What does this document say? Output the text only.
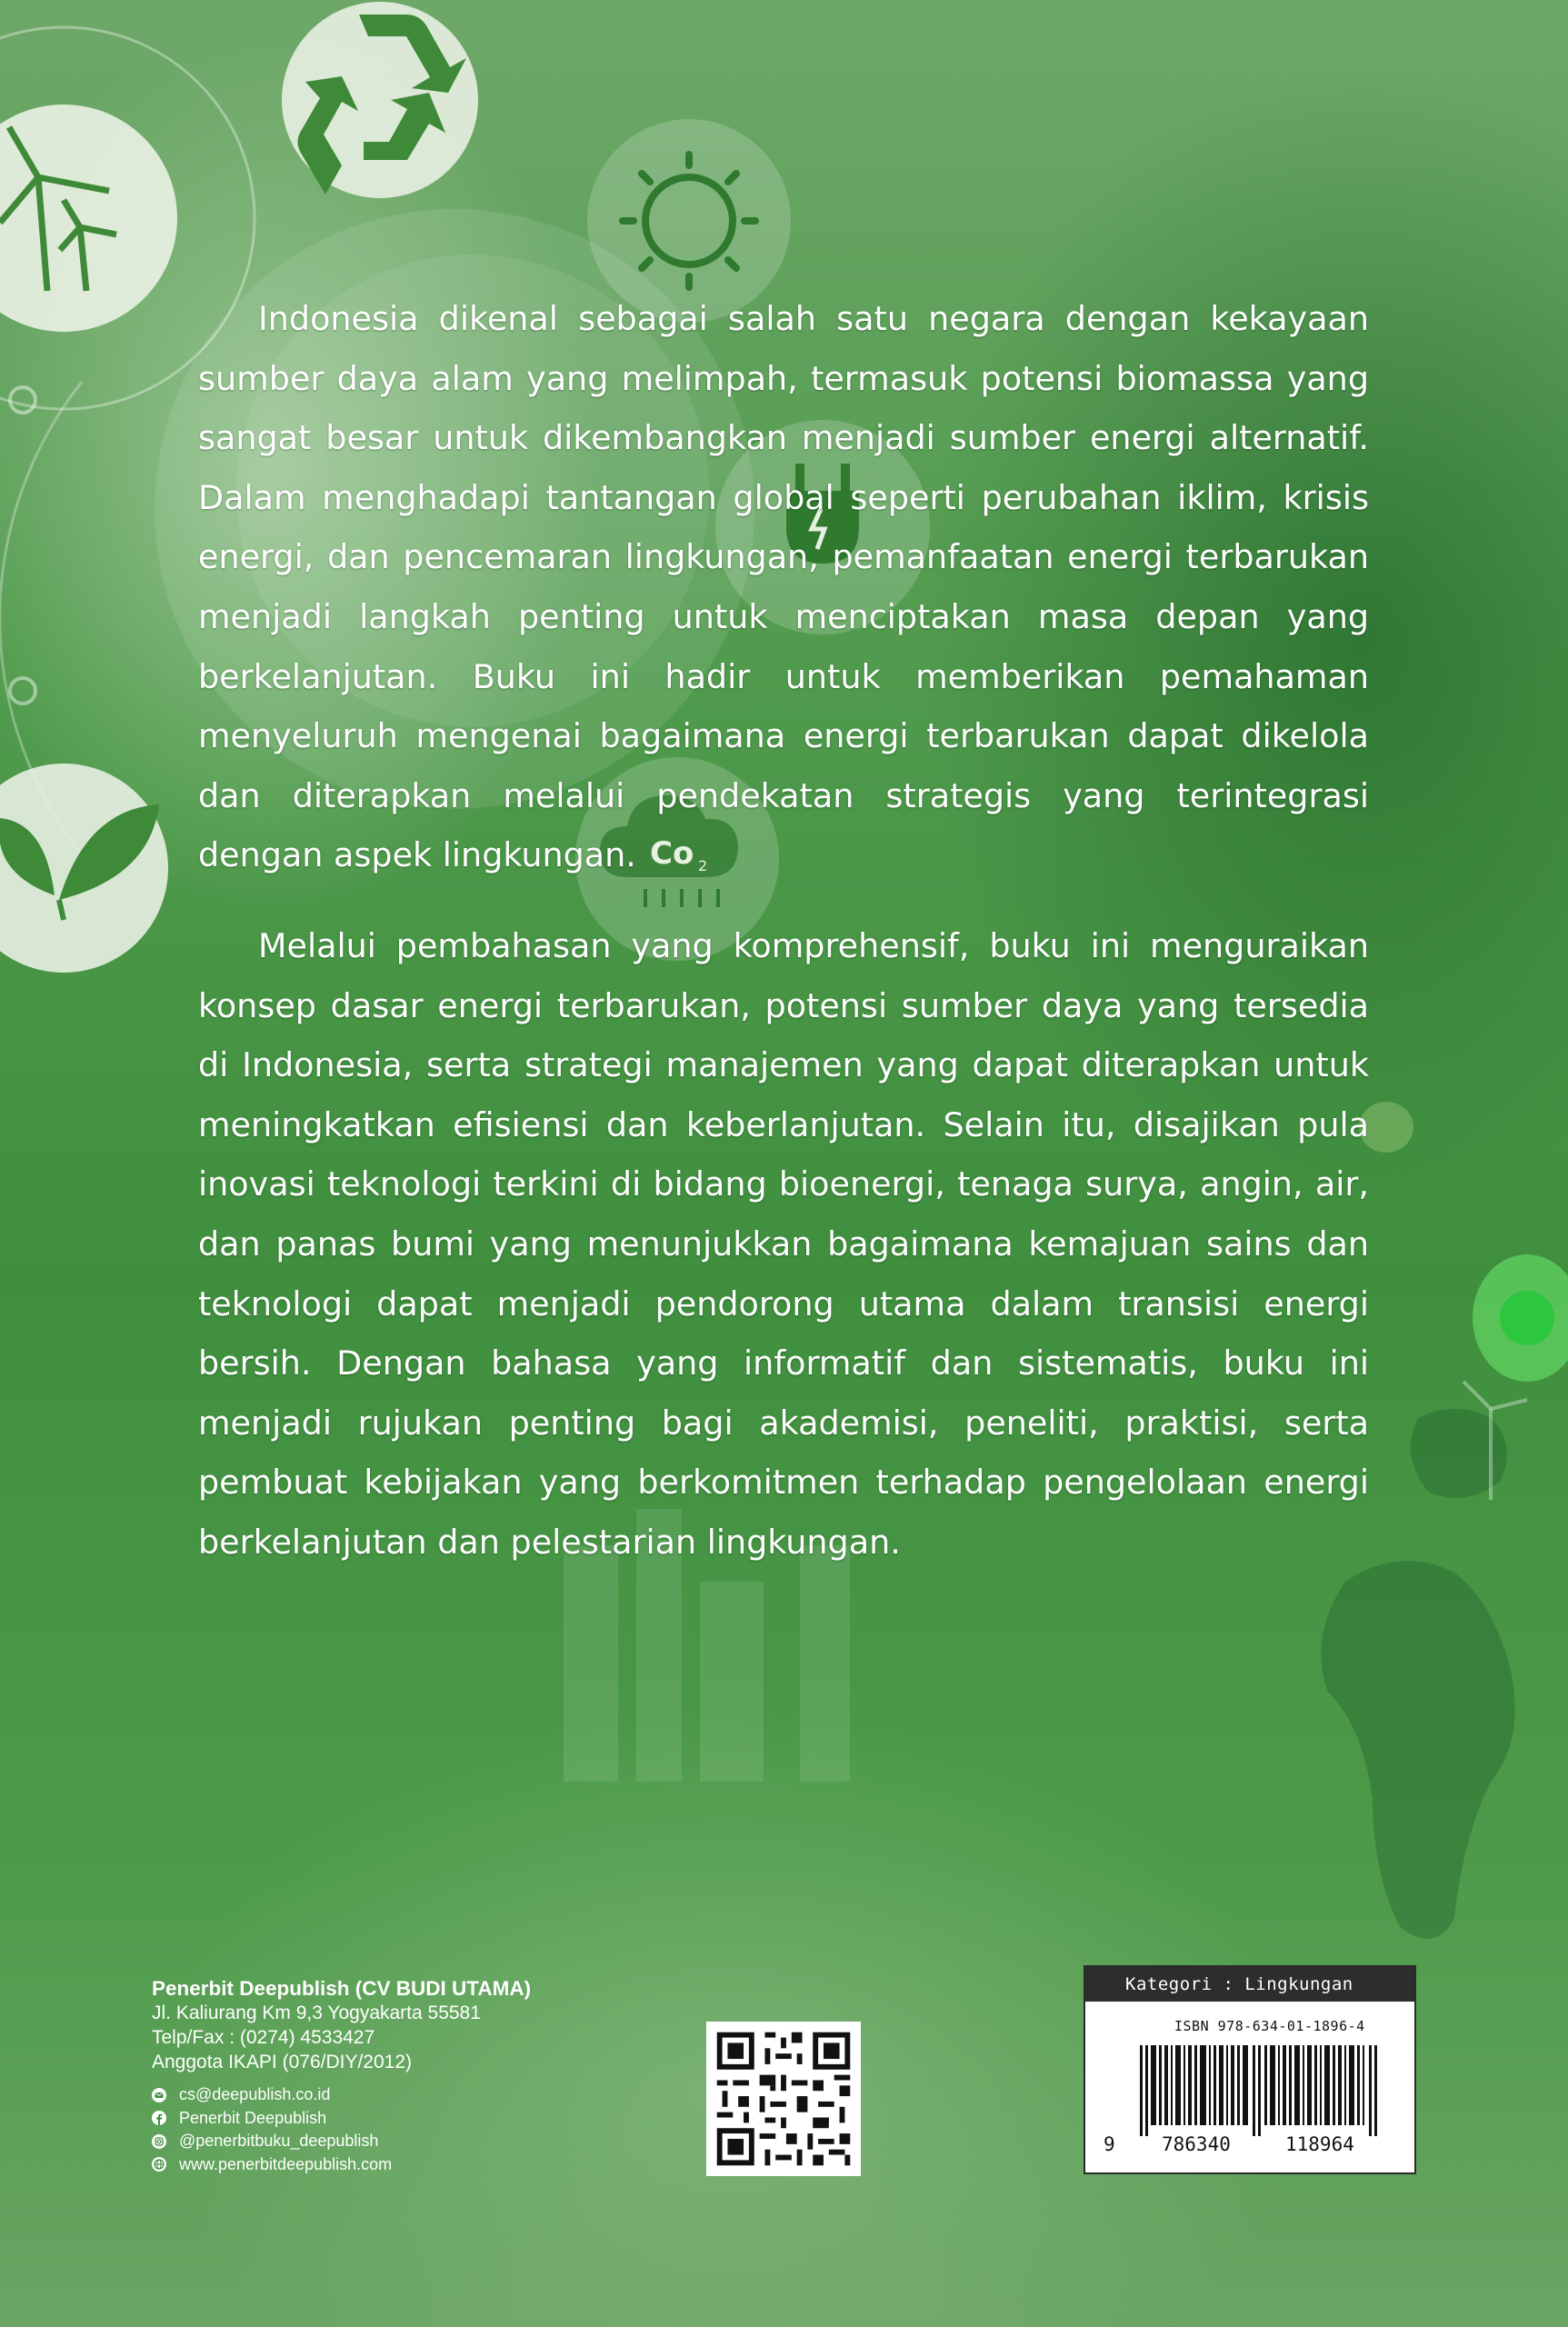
Co 2

Indonesia dikenal sebagai salah satu negara dengan kekayaan sumber daya alam yang melimpah, termasuk potensi biomassa yang sangat besar untuk dikembangkan menjadi sumber energi alternatif. Dalam menghadapi tantangan global seperti perubahan iklim, krisis energi, dan pencemaran lingkungan, pemanfaatan energi terbarukan menjadi langkah penting untuk menciptakan masa depan yang berkelanjutan. Buku ini hadir untuk memberikan pemahaman menyeluruh mengenai bagaimana energi terbarukan dapat dikelola dan diterapkan melalui pendekatan strategis yang terintegrasi dengan aspek lingkungan.

Melalui pembahasan yang komprehensif, buku ini menguraikan konsep dasar energi terbarukan, potensi sumber daya yang tersedia di Indonesia, serta strategi manajemen yang dapat diterapkan untuk meningkatkan efisiensi dan keberlanjutan. Selain itu, disajikan pula inovasi teknologi terkini di bidang bioenergi, tenaga surya, angin, air, dan panas bumi yang menunjukkan bagaimana kemajuan sains dan teknologi dapat menjadi pendorong utama dalam transisi energi bersih. Dengan bahasa yang informatif dan sistematis, buku ini menjadi rujukan penting bagi akademisi, peneliti, praktisi, serta pembuat kebijakan yang berkomitmen terhadap pengelolaan energi berkelanjutan dan pelestarian lingkungan.

Penerbit Deepublish (CV BUDI UTAMA)
Jl. Kaliurang Km 9,3 Yogyakarta 55581
Telp/Fax : (0274) 4533427
Anggota IKAPI (076/DIY/2012)
cs@deepublish.co.id
Penerbit Deepublish
@penerbitbuku_deepublish
www.penerbitdeepublish.com
Kategori : Lingkungan
ISBN 978-634-01-1896-4
9 786340	118964
